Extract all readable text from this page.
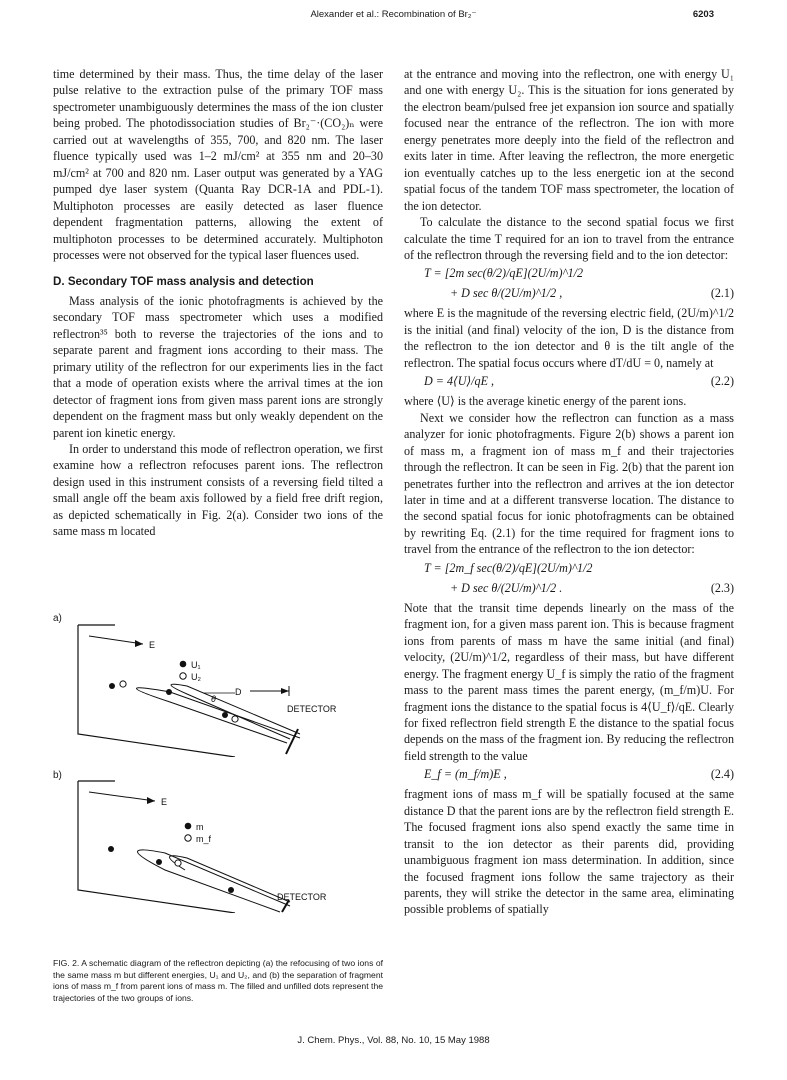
Alexander et al.: Recombination of Br₂⁻	6203

time determined by their mass. Thus, the time delay of the laser pulse relative to the extraction pulse of the primary TOF mass spectrometer unambiguously determines the mass of the ion cluster being probed. The photodissociation studies of Br₂⁻·(CO₂)ₙ were carried out at wavelengths of 355, 700, and 820 nm. The laser fluence typically used was 1–2 mJ/cm² at 355 nm and 20–30 mJ/cm² at 700 and 820 nm. Laser output was generated by a YAG pumped dye laser system (Quanta Ray DCR-1A and PDL-1). Multiphoton processes are easily detected as laser fluence dependent fragmentation patterns, allowing the extent of multiphoton processes to be determined accurately. Multiphoton processes were not observed for the typical laser fluences used.

D. Secondary TOF mass analysis and detection

Mass analysis of the ionic photofragments is achieved by the secondary TOF mass spectrometer which uses a modified reflectron³⁵ both to reverse the trajectories of the ions and to separate parent and fragment ions according to their mass. The primary utility of the reflectron for our experiments lies in the fact that a mode of operation exists where the arrival times at the ion detector of fragment ions from given mass parent ions are strongly dependent on the fragment mass but only weakly dependent on the parent ion kinetic energy.

In order to understand this mode of reflectron operation, we first examine how a reflectron refocuses parent ions. The reflectron design used in this instrument consists of a reversing field tilted a small angle off the beam axis followed by a field free drift region, as depicted schematically in Fig. 2(a). Consider two ions of the same mass m located

a)
E
U₁
U₂
θ
D
DETECTOR
b)
E
m
m_f
DETECTOR
FIG. 2. A schematic diagram of the reflectron depicting (a) the refocusing of two ions of the same mass m but different energies, U₁ and U₂, and (b) the separation of fragment ions of mass m_f from parent ions of mass m. The filled and unfilled dots represent the trajectories of the two groups of ions.

at the entrance and moving into the reflectron, one with energy U₁ and one with energy U₂. This is the situation for ions generated by the electron beam/pulsed free jet expansion ion source and spatially focused near the entrance of the reflectron. The ion with more energy penetrates more deeply into the field of the reflectron and exits later in time. After leaving the reflectron, the more energetic ion eventually catches up to the less energetic ion at the second spatial focus of the tandem TOF mass spectrometer, the location of the ion detector.

To calculate the distance to the second spatial focus we first calculate the time T required for an ion to travel from the entrance of the reflectron through the reversing field and to the ion detector:

T = [2m sec(θ/2)/qE](2U/m)^1/2
+ D sec θ/(2U/m)^1/2 ,	(2.1)

where E is the magnitude of the reversing electric field, (2U/m)^1/2 is the initial (and final) velocity of the ion, D is the distance from the reflectron to the ion detector and θ is the tilt angle of the reflectron. The spatial focus occurs where dT/dU = 0, namely at

D = 4⟨U⟩/qE ,	(2.2)

where ⟨U⟩ is the average kinetic energy of the parent ions.

Next we consider how the reflectron can function as a mass analyzer for ionic photofragments. Figure 2(b) shows a parent ion of mass m, a fragment ion of mass m_f and their trajectories through the reflectron. It can be seen in Fig. 2(b) that the parent ion penetrates further into the reflectron and arrives at the ion detector later in time and at a different transverse location. The distance to the second spatial focus for ionic photofragments can be obtained by rewriting Eq. (2.1) for the time required for fragment ions to travel from the entrance of the reflectron to the ion detector:

T = [2m_f sec(θ/2)/qE](2U/m)^1/2
+ D sec θ/(2U/m)^1/2 .	(2.3)

Note that the transit time depends linearly on the mass of the fragment ion, for a given mass parent ion. This is because fragment ions from parents of mass m have the same initial (and final) velocity, (2U/m)^1/2, regardless of their mass, but have different energy. The fragment energy U_f is simply the ratio of the fragment mass to the parent mass times the parent energy, (m_f/m)U. For fragment ions the distance to the spatial focus is 4⟨U_f⟩/qE. Clearly for fixed reflectron field strength E the distance to the spatial focus depends on the mass of the fragment ion. By reducing the reflectron field strength to the value

E_f = (m_f/m)E ,	(2.4)

fragment ions of mass m_f will be spatially focused at the same distance D that the parent ions are by the reflectron field strength E. The focused fragment ions also spend exactly the same time in transit to the ion detector as their parents did, providing unambiguous fragment ion mass determination. In addition, since the focused fragment ions follow the same trajectory as their parents, they will strike the detector in the same area, eliminating possible problems of spatially

J. Chem. Phys., Vol. 88, No. 10, 15 May 1988
